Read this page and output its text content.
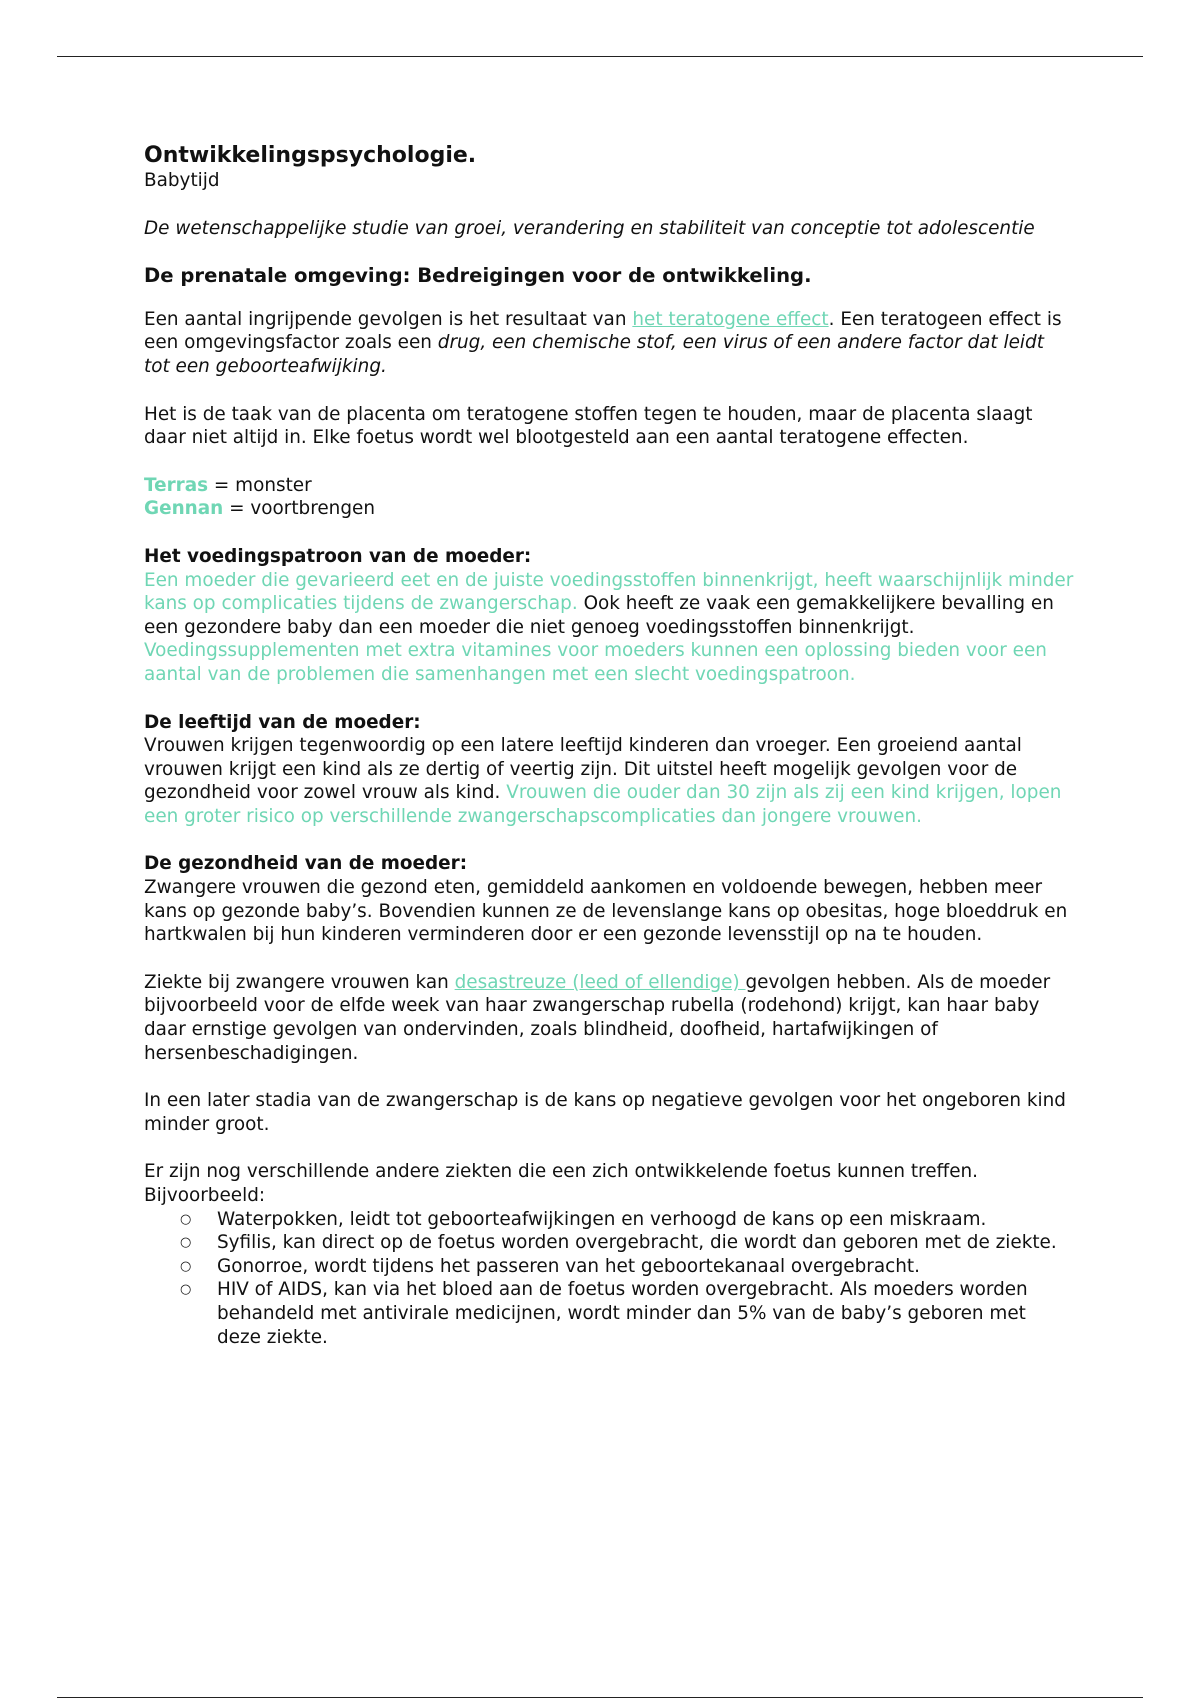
Ontwikkelingspsychologie.
Babytijd
De wetenschappelijke studie van groei, verandering en stabiliteit van conceptie tot adolescentie
De prenatale omgeving: Bedreigingen voor de ontwikkeling.

Een aantal ingrijpende gevolgen is het resultaat van het teratogene effect. Een teratogeen effect is een omgevingsfactor zoals een drug, een chemische stof, een virus of een andere factor dat leidt tot een geboorteafwijking.

Het is de taak van de placenta om teratogene stoffen tegen te houden, maar de placenta slaagt daar niet altijd in. Elke foetus wordt wel blootgesteld aan een aantal teratogene effecten.

Terras = monster
Gennan = voortbrengen
Het voedingspatroon van de moeder:
Een moeder die gevarieerd eet en de juiste voedingsstoffen binnenkrijgt, heeft waarschijnlijk minder kans op complicaties tijdens de zwangerschap. Ook heeft ze vaak een gemakkelijkere bevalling en een gezondere baby dan een moeder die niet genoeg voedingsstoffen binnenkrijgt.
Voedingssupplementen met extra vitamines voor moeders kunnen een oplossing bieden voor een aantal van de problemen die samenhangen met een slecht voedingspatroon.
De leeftijd van de moeder:
Vrouwen krijgen tegenwoordig op een latere leeftijd kinderen dan vroeger. Een groeiend aantal vrouwen krijgt een kind als ze dertig of veertig zijn. Dit uitstel heeft mogelijk gevolgen voor de gezondheid voor zowel vrouw als kind. Vrouwen die ouder dan 30 zijn als zij een kind krijgen, lopen een groter risico op verschillende zwangerschapscomplicaties dan jongere vrouwen.
De gezondheid van de moeder:
Zwangere vrouwen die gezond eten, gemiddeld aankomen en voldoende bewegen, hebben meer kans op gezonde baby’s. Bovendien kunnen ze de levenslange kans op obesitas, hoge bloeddruk en hartkwalen bij hun kinderen verminderen door er een gezonde levensstijl op na te houden.

Ziekte bij zwangere vrouwen kan desastreuze (leed of ellendige) gevolgen hebben. Als de moeder bijvoorbeeld voor de elfde week van haar zwangerschap rubella (rodehond) krijgt, kan haar baby daar ernstige gevolgen van ondervinden, zoals blindheid, doofheid, hartafwijkingen of hersenbeschadigingen.

In een later stadia van de zwangerschap is de kans op negatieve gevolgen voor het ongeboren kind minder groot.

Er zijn nog verschillende andere ziekten die een zich ontwikkelende foetus kunnen treffen. Bijvoorbeeld:
○ Waterpokken, leidt tot geboorteafwijkingen en verhoogd de kans op een miskraam.
○ Syfilis, kan direct op de foetus worden overgebracht, die wordt dan geboren met de ziekte.
○ Gonorroe, wordt tijdens het passeren van het geboortekanaal overgebracht.
○ HIV of AIDS, kan via het bloed aan de foetus worden overgebracht. Als moeders worden behandeld met antivirale medicijnen, wordt minder dan 5% van de baby’s geboren met deze ziekte.
